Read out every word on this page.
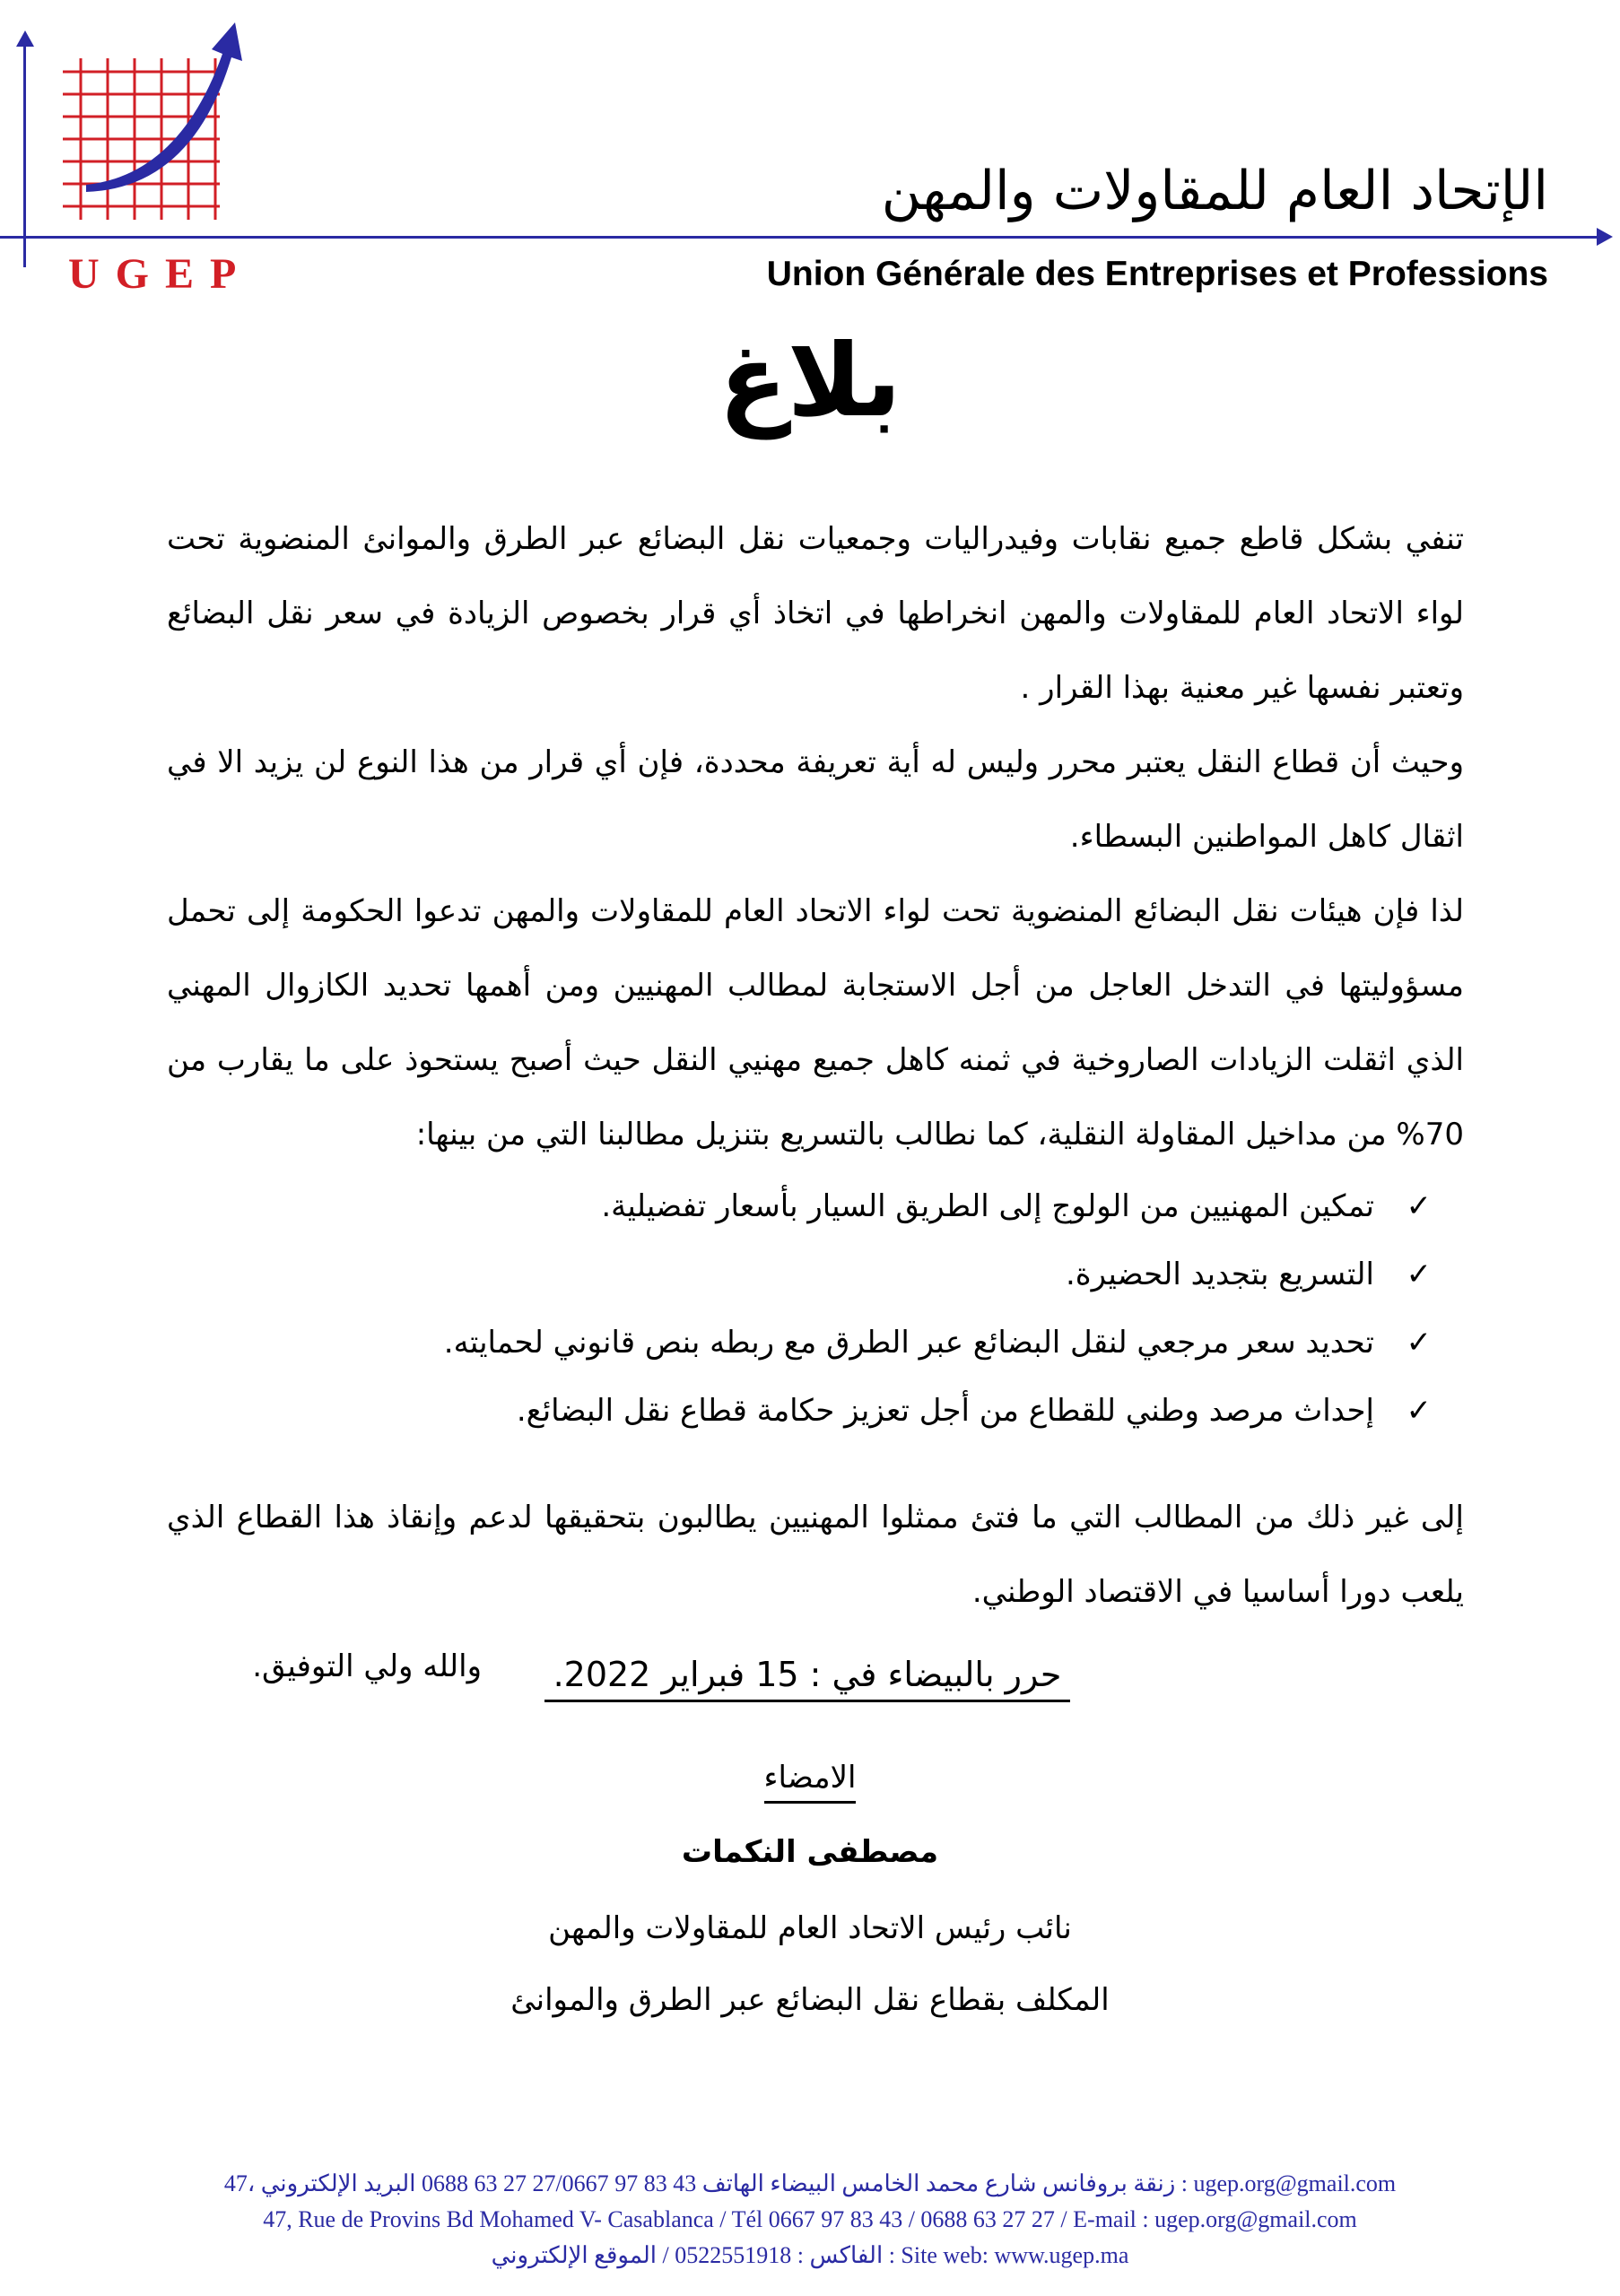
UGEP
الإتحاد العام للمقاولات والمهن
Union Générale des Entreprises et Professions
بلاغ

تنفي بشكل قاطع جميع نقابات وفيدراليات وجمعيات نقل البضائع عبر الطرق والموانئ المنضوية تحت لواء الاتحاد العام للمقاولات والمهن انخراطها في اتخاذ أي قرار بخصوص الزيادة في سعر نقل البضائع وتعتبر نفسها غير معنية بهذا القرار .

وحيث أن قطاع النقل يعتبر محرر وليس له أية تعريفة محددة، فإن أي قرار من هذا النوع لن يزيد الا في اثقال كاهل المواطنين البسطاء.

لذا فإن هيئات نقل البضائع المنضوية تحت لواء الاتحاد العام للمقاولات والمهن تدعوا الحكومة إلى تحمل مسؤوليتها في التدخل العاجل من أجل الاستجابة لمطالب المهنيين ومن أهمها تحديد الكازوال المهني الذي اثقلت الزيادات الصاروخية في ثمنه كاهل جميع مهنيي النقل حيث أصبح يستحوذ على ما يقارب من 70% من مداخيل المقاولة النقلية، كما نطالب بالتسريع بتنزيل مطالبنا التي من بينها:

✓ تمكين المهنيين من الولوج إلى الطريق السيار بأسعار تفضيلية.
✓ التسريع بتجديد الحضيرة.
✓ تحديد سعر مرجعي لنقل البضائع عبر الطرق مع ربطه بنص قانوني لحمايته.
✓ إحداث مرصد وطني للقطاع من أجل تعزيز حكامة قطاع نقل البضائع.

إلى غير ذلك من المطالب التي ما فتئ ممثلوا المهنيين يطالبون بتحقيقها لدعم وإنقاذ هذا القطاع الذي يلعب دورا أساسيا في الاقتصاد الوطني.

والله ولي التوفيق.	حرر بالبيضاء في : 15 فبراير 2022.
الامضاء
مصطفى النكمات
نائب رئيس الاتحاد العام للمقاولات والمهن
المكلف بقطاع نقل البضائع عبر الطرق والموانئ
47، زنقة بروفانس شارع محمد الخامس البيضاء الهاتف 43 83 97 27/0667 27 63 0688 البريد الإلكتروني : ugep.org@gmail.com
47, Rue de Provins Bd Mohamed V- Casablanca / Tél 0667 97 83 43 / 0688 63 27 27 / E-mail : ugep.org@gmail.com
الفاكس : 0522551918 / الموقع الإلكتروني : Site web: www.ugep.ma
